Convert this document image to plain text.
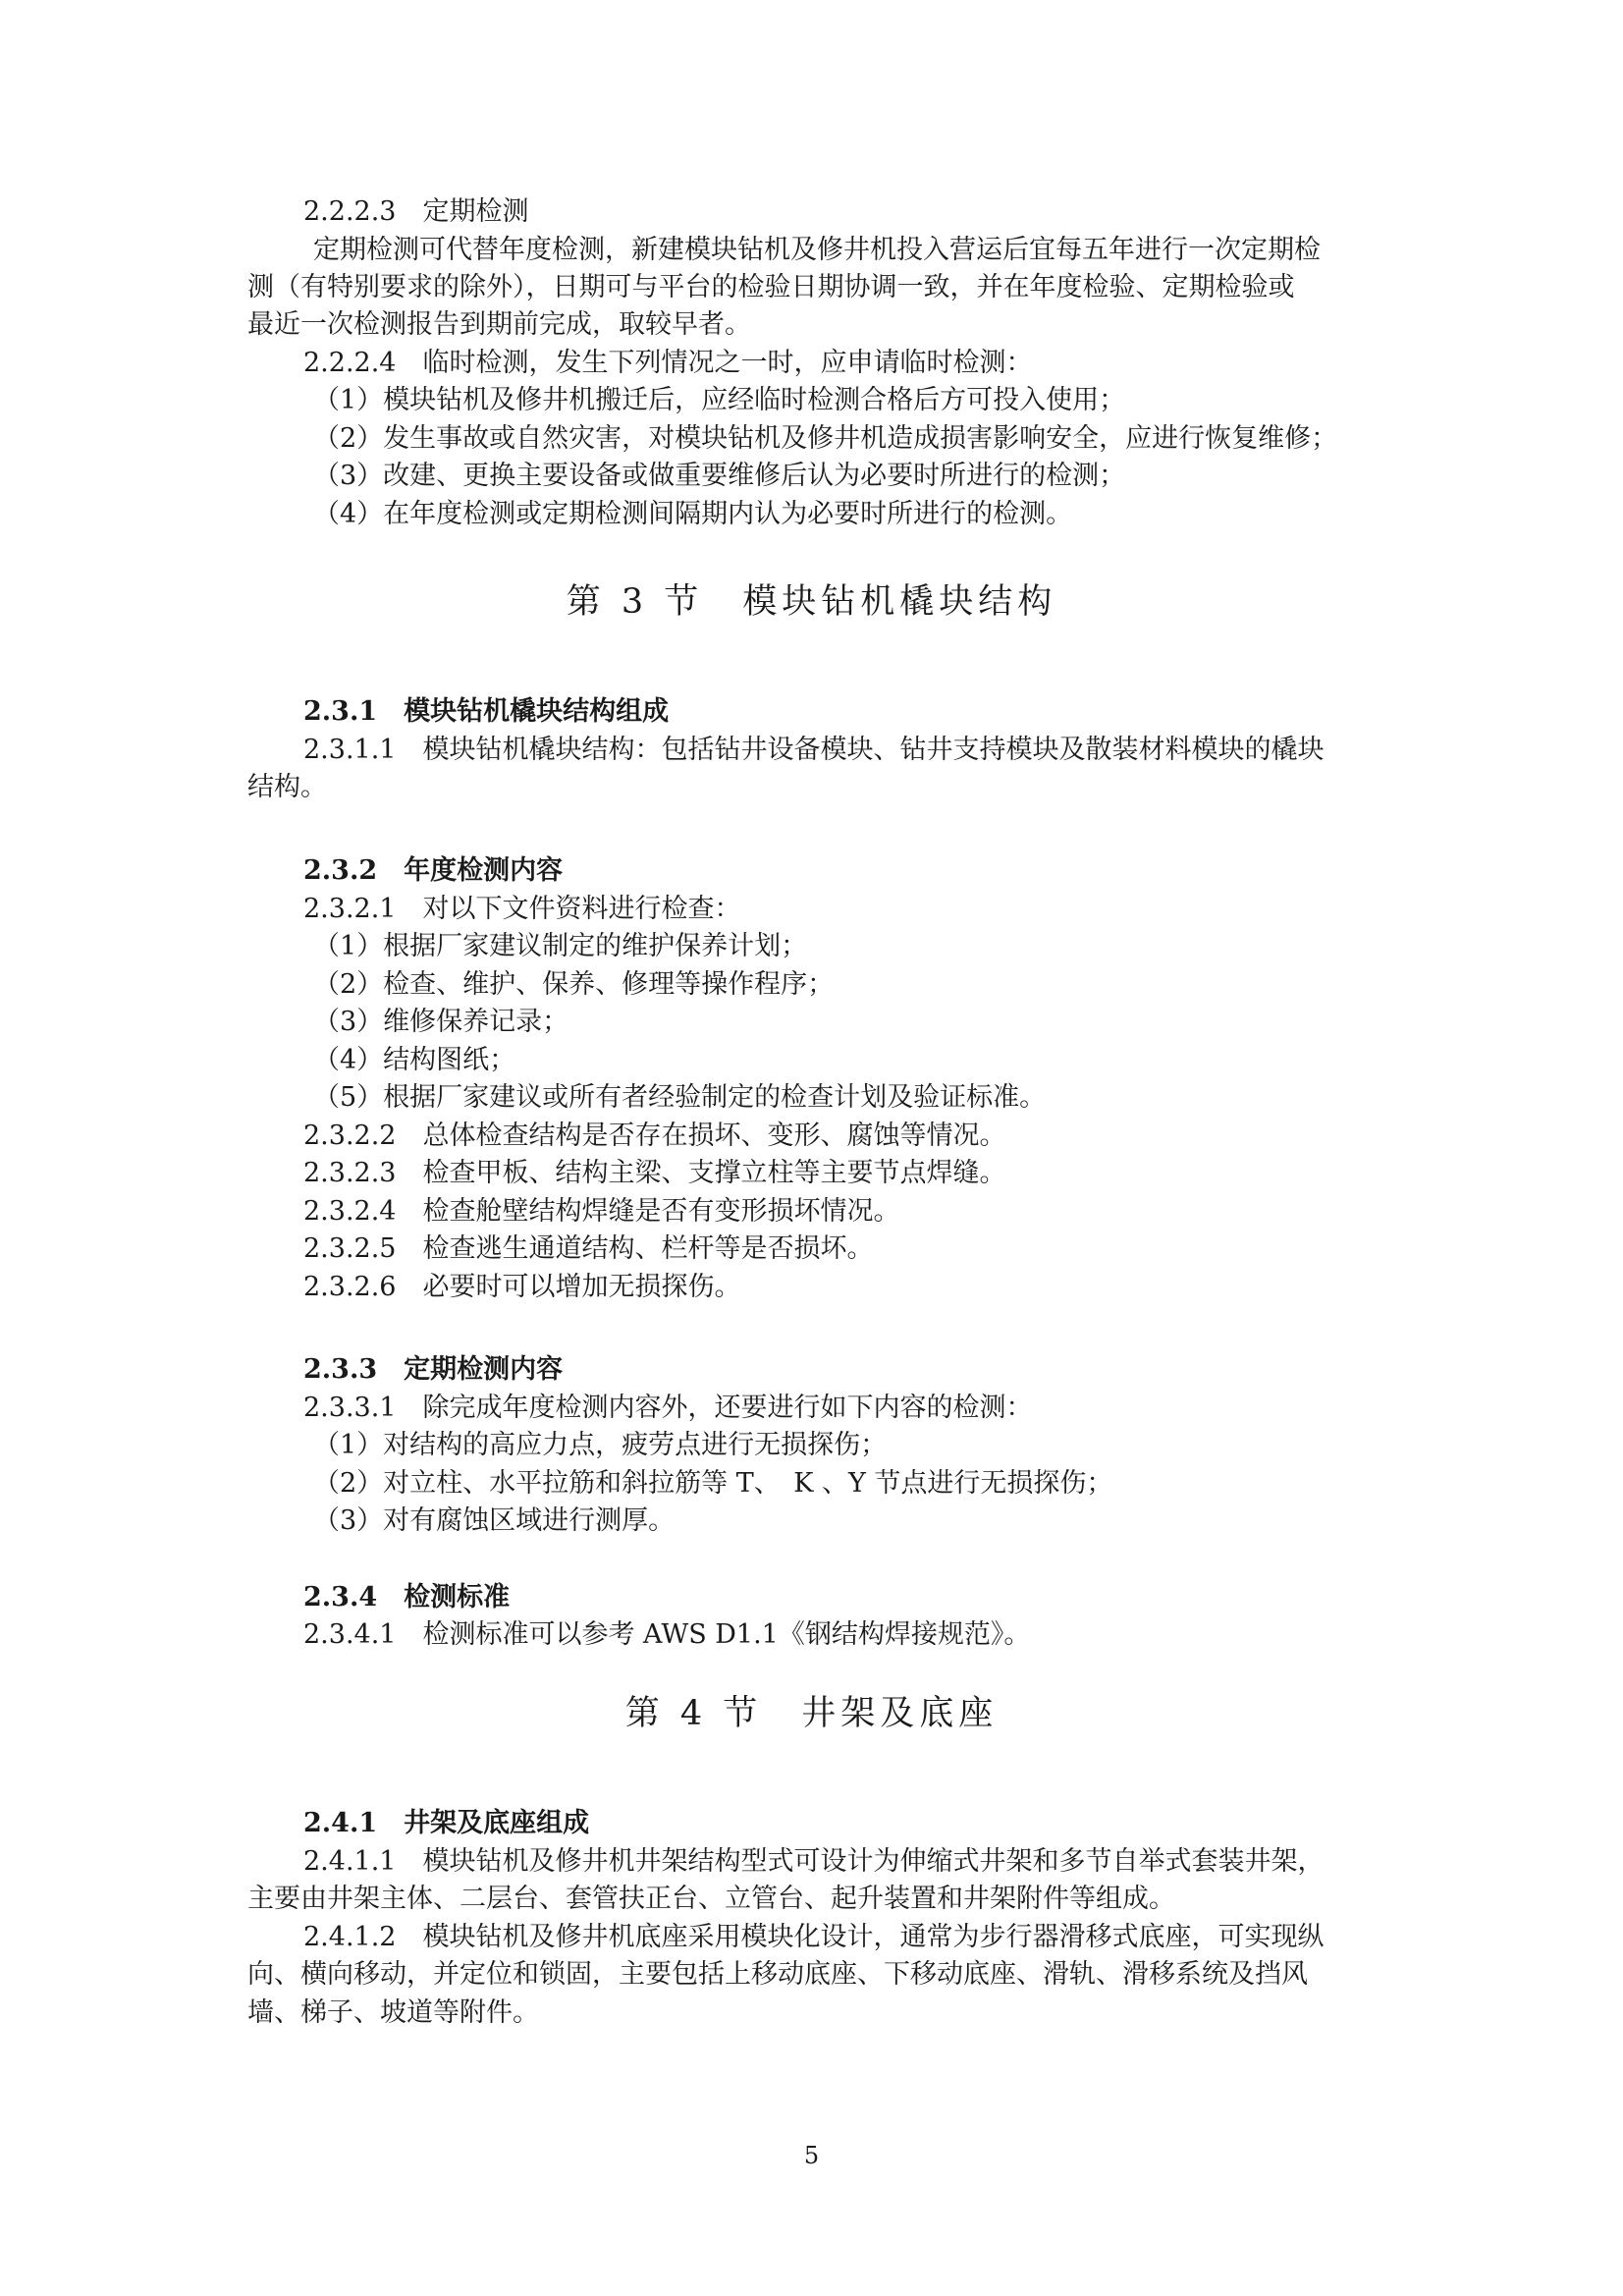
2.2.2.3　定期检测
定期检测可代替年度检测，新建模块钻机及修井机投入营运后宜每五年进行一次定期检
测（有特别要求的除外），日期可与平台的检验日期协调一致，并在年度检验、定期检验或
最近一次检测报告到期前完成，取较早者。
2.2.2.4　临时检测，发生下列情况之一时，应申请临时检测：
（1）模块钻机及修井机搬迁后，应经临时检测合格后方可投入使用；
（2）发生事故或自然灾害，对模块钻机及修井机造成损害影响安全，应进行恢复维修；
（3）改建、更换主要设备或做重要维修后认为必要时所进行的检测；
（4）在年度检测或定期检测间隔期内认为必要时所进行的检测。
第 3 节　模块钻机橇块结构
2.3.1　模块钻机橇块结构组成
2.3.1.1　模块钻机橇块结构：包括钻井设备模块、钻井支持模块及散装材料模块的橇块
结构。
2.3.2　年度检测内容
2.3.2.1　对以下文件资料进行检查：
（1）根据厂家建议制定的维护保养计划；
（2）检查、维护、保养、修理等操作程序；
（3）维修保养记录；
（4）结构图纸；
（5）根据厂家建议或所有者经验制定的检查计划及验证标准。
2.3.2.2　总体检查结构是否存在损坏、变形、腐蚀等情况。
2.3.2.3　检查甲板、结构主梁、支撑立柱等主要节点焊缝。
2.3.2.4　检查舱壁结构焊缝是否有变形损坏情况。
2.3.2.5　检查逃生通道结构、栏杆等是否损坏。
2.3.2.6　必要时可以增加无损探伤。
2.3.3　定期检测内容
2.3.3.1　除完成年度检测内容外，还要进行如下内容的检测：
（1）对结构的高应力点，疲劳点进行无损探伤；
（2）对立柱、水平拉筋和斜拉筋等 T、　K 、Y 节点进行无损探伤；
（3）对有腐蚀区域进行测厚。
2.3.4　检测标准
2.3.4.1　检测标准可以参考 AWS D1.1《钢结构焊接规范》。
第 4 节　井架及底座
2.4.1　井架及底座组成
2.4.1.1　模块钻机及修井机井架结构型式可设计为伸缩式井架和多节自举式套装井架，
主要由井架主体、二层台、套管扶正台、立管台、起升装置和井架附件等组成。
2.4.1.2　模块钻机及修井机底座采用模块化设计，通常为步行器滑移式底座，可实现纵
向、横向移动，并定位和锁固，主要包括上移动底座、下移动底座、滑轨、滑移系统及挡风
墙、梯子、坡道等附件。
5
